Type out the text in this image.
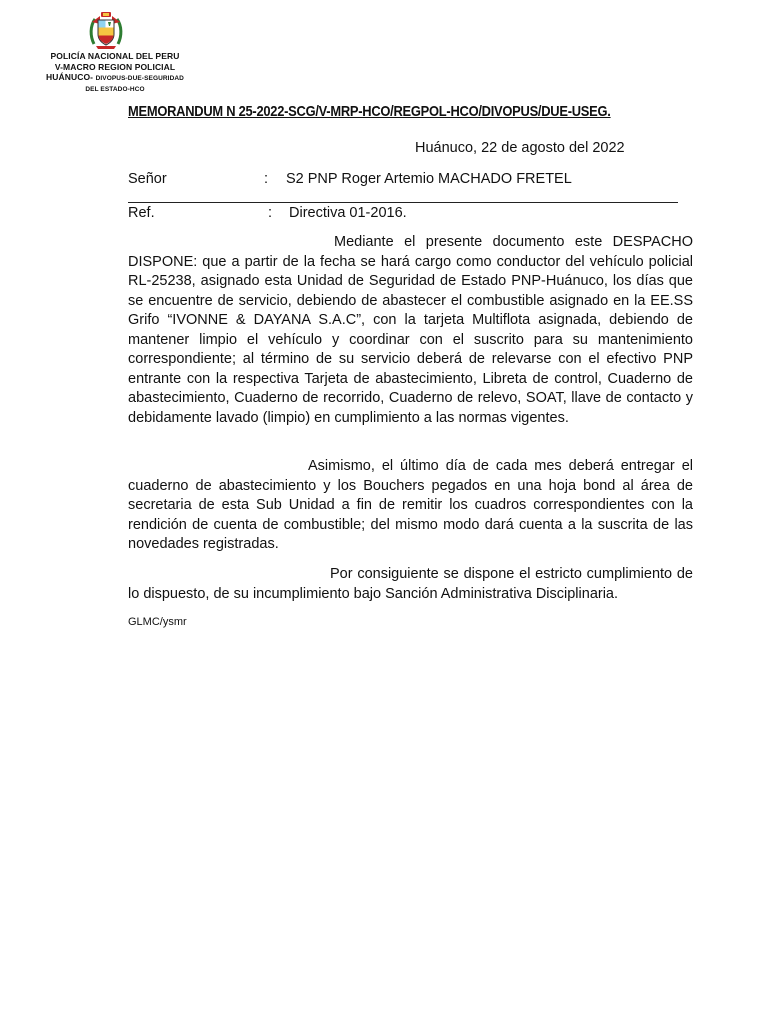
POLICÍA NACIONAL DEL PERU
V-MACRO REGION POLICIAL
HUÁNUCO- DIVOPUS-DUE-SEGURIDAD
DEL ESTADO-HCO
MEMORANDUM N 25-2022-SCG/V-MRP-HCO/REGPOL-HCO/DIVOPUS/DUE-USEG.
Huánuco, 22 de agosto del 2022
Señor	: S2 PNP Roger Artemio MACHADO FRETEL
Ref.	: Directiva 01-2016.

Mediante el presente documento este DESPACHO DISPONE: que a partir de la fecha se hará cargo como conductor del vehículo policial RL-25238, asignado esta Unidad de Seguridad de Estado PNP-Huánuco, los días que se encuentre de servicio, debiendo de abastecer el combustible asignado en la EE.SS Grifo “IVONNE & DAYANA S.A.C”, con la tarjeta Multiflota asignada, debiendo de mantener limpio el vehículo y coordinar con el suscrito para su mantenimiento correspondiente; al término de su servicio deberá de relevarse con el efectivo PNP entrante con la respectiva Tarjeta de abastecimiento, Libreta de control, Cuaderno de abastecimiento, Cuaderno de recorrido, Cuaderno de relevo, SOAT, llave de contacto y debidamente lavado (limpio) en cumplimiento a las normas vigentes.

Asimismo, el último día de cada mes deberá entregar el cuaderno de abastecimiento y los Bouchers pegados en una hoja bond al área de secretaria de esta Sub Unidad a fin de remitir los cuadros correspondientes con la rendición de cuenta de combustible; del mismo modo dará cuenta a la suscrita de las novedades registradas.

Por consiguiente se dispone el estricto cumplimiento de lo dispuesto, de su incumplimiento bajo Sanción Administrativa Disciplinaria.

GLMC/ysmr
